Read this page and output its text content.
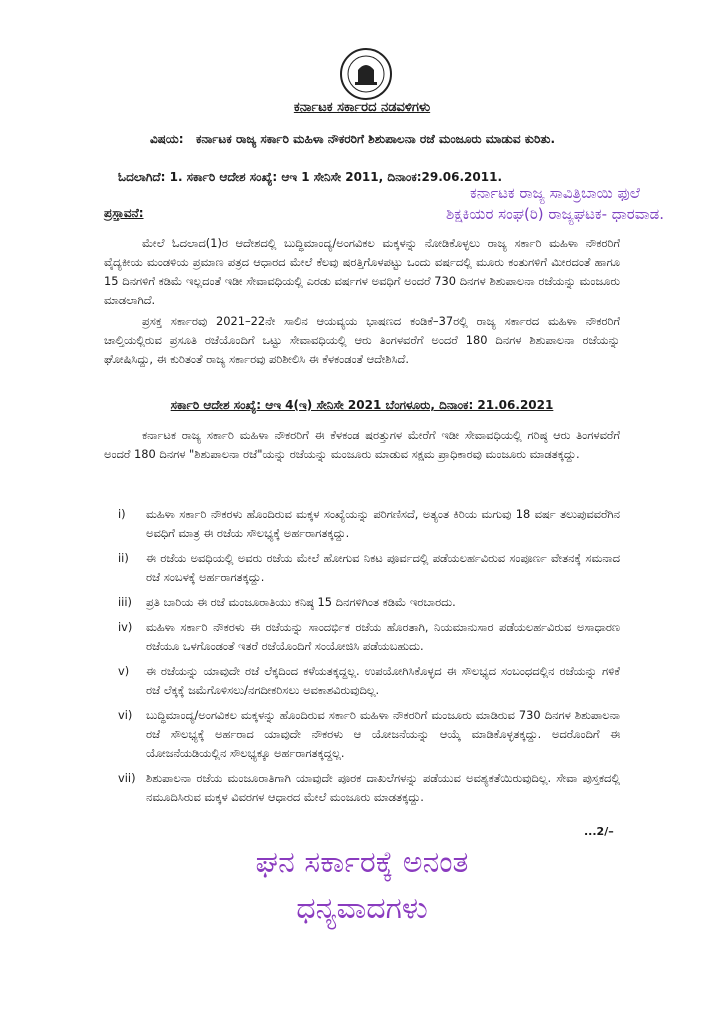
ಕರ್ನಾಟಕ ಸರ್ಕಾರದ ನಡವಳಿಗಳು
ವಿಷಯ: ಕರ್ನಾಟಕ ರಾಜ್ಯ ಸರ್ಕಾರಿ ಮಹಿಳಾ ನೌಕರರಿಗೆ ಶಿಶುಪಾಲನಾ ರಜೆ ಮಂಜೂರು ಮಾಡುವ ಕುರಿತು.
ಓದಲಾಗಿದೆ: 1. ಸರ್ಕಾರಿ ಆದೇಶ ಸಂಖ್ಯೆ: ಆಇ 1 ಸೇನಿಸೇ 2011, ದಿನಾಂಕ:29.06.2011.
ಕರ್ನಾಟಕ ರಾಜ್ಯ ಸಾವಿತ್ರಿಬಾಯಿ ಫುಲೆ
ಶಿಕ್ಷಕಿಯರ ಸಂಘ(ರಿ) ರಾಜ್ಯಘಟಕ- ಧಾರವಾಡ.
ಪ್ರಸ್ತಾವನೆ:
ಮೇಲೆ ಓದಲಾದ(1)ರ ಆದೇಶದಲ್ಲಿ ಬುದ್ಧಿಮಾಂದ್ಯ/ಅಂಗವಿಕಲ ಮಕ್ಕಳನ್ನು ನೋಡಿಕೊಳ್ಳಲು ರಾಜ್ಯ ಸರ್ಕಾರಿ ಮಹಿಳಾ ನೌಕರರಿಗೆ ವೈದ್ಯಕೀಯ ಮಂಡಳಿಯ ಪ್ರಮಾಣ ಪತ್ರದ ಆಧಾರದ ಮೇಲೆ ಕೆಲವು ಷರತ್ತಿಗೊಳಪಟ್ಟು ಒಂದು ವರ್ಷದಲ್ಲಿ ಮೂರು ಕಂತುಗಳಿಗೆ ಮೀರದಂತೆ ಹಾಗೂ 15 ದಿನಗಳಿಗೆ ಕಡಿಮೆ ಇಲ್ಲದಂತೆ ಇಡೀ ಸೇವಾವಧಿಯಲ್ಲಿ ಎರಡು ವರ್ಷಗಳ ಅವಧಿಗೆ ಅಂದರೆ 730 ದಿನಗಳ ಶಿಶುಪಾಲನಾ ರಜೆಯನ್ನು ಮಂಜೂರು ಮಾಡಲಾಗಿದೆ.
ಪ್ರಸಕ್ತ ಸರ್ಕಾರವು 2021–22ನೇ ಸಾಲಿನ ಆಯವ್ಯಯ ಭಾಷಣದ ಕಂಡಿಕೆ–37ರಲ್ಲಿ ರಾಜ್ಯ ಸರ್ಕಾರದ ಮಹಿಳಾ ನೌಕರರಿಗೆ ಚಾಲ್ತಿಯಲ್ಲಿರುವ ಪ್ರಸೂತಿ ರಜೆಯೊಂದಿಗೆ ಒಟ್ಟು ಸೇವಾವಧಿಯಲ್ಲಿ ಆರು ತಿಂಗಳವರೆಗೆ ಅಂದರೆ 180 ದಿನಗಳ ಶಿಶುಪಾಲನಾ ರಜೆಯನ್ನು ಘೋಷಿಸಿದ್ದು, ಈ ಕುರಿತಂತೆ ರಾಜ್ಯ ಸರ್ಕಾರವು ಪರಿಶೀಲಿಸಿ ಈ ಕೆಳಕಂಡಂತೆ ಆದೇಶಿಸಿದೆ.
ಸರ್ಕಾರಿ ಆದೇಶ ಸಂಖ್ಯೆ: ಆಇ 4(ಇ) ಸೇನಿಸೇ 2021 ಬೆಂಗಳೂರು, ದಿನಾಂಕ: 21.06.2021
ಕರ್ನಾಟಕ ರಾಜ್ಯ ಸರ್ಕಾರಿ ಮಹಿಳಾ ನೌಕರರಿಗೆ ಈ ಕೆಳಕಂಡ ಷರತ್ತುಗಳ ಮೇರೆಗೆ ಇಡೀ ಸೇವಾವಧಿಯಲ್ಲಿ ಗರಿಷ್ಠ ಆರು ತಿಂಗಳವರೆಗೆ ಅಂದರೆ 180 ದಿನಗಳ "ಶಿಶುಪಾಲನಾ ರಜೆ"ಯನ್ನು ರಜೆಯನ್ನು ಮಂಜೂರು ಮಾಡುವ ಸಕ್ಷಮ ಪ್ರಾಧಿಕಾರವು ಮಂಜೂರು ಮಾಡತಕ್ಕದ್ದು.
i)	ಮಹಿಳಾ ಸರ್ಕಾರಿ ನೌಕರಳು ಹೊಂದಿರುವ ಮಕ್ಕಳ ಸಂಖ್ಯೆಯನ್ನು ಪರಿಗಣಿಸದೆ, ಅತ್ಯಂತ ಕಿರಿಯ ಮಗುವು 18 ವರ್ಷ ತಲುಪುವವರೆಗಿನ ಅವಧಿಗೆ ಮಾತ್ರ ಈ ರಜೆಯ ಸೌಲಭ್ಯಕ್ಕೆ ಅರ್ಹರಾಗತಕ್ಕದ್ದು.
ii)	ಈ ರಜೆಯ ಅವಧಿಯಲ್ಲಿ ಅವರು ರಜೆಯ ಮೇಲೆ ಹೋಗುವ ನಿಕಟ ಪೂರ್ವದಲ್ಲಿ ಪಡೆಯಲರ್ಹವಿರುವ ಸಂಪೂರ್ಣ ವೇತನಕ್ಕೆ ಸಮನಾದ ರಜೆ ಸಂಬಳಕ್ಕೆ ಅರ್ಹರಾಗತಕ್ಕದ್ದು.
iii)	ಪ್ರತಿ ಬಾರಿಯ ಈ ರಜೆ ಮಂಜೂರಾತಿಯು ಕನಿಷ್ಠ 15 ದಿನಗಳಿಗಿಂತ ಕಡಿಮೆ ಇರಬಾರದು.
iv)	ಮಹಿಳಾ ಸರ್ಕಾರಿ ನೌಕರಳು ಈ ರಜೆಯನ್ನು ಸಾಂದರ್ಭಿಕ ರಜೆಯ ಹೊರತಾಗಿ, ನಿಯಮಾನುಸಾರ ಪಡೆಯಲರ್ಹವಿರುವ ಅಸಾಧಾರಣ ರಜೆಯೂ ಒಳಗೊಂಡಂತೆ ಇತರೆ ರಜೆಯೊಂದಿಗೆ ಸಂಯೋಜಿಸಿ ಪಡೆಯಬಹುದು.
v)	ಈ ರಜೆಯನ್ನು ಯಾವುದೇ ರಜೆ ಲೆಕ್ಕದಿಂದ ಕಳೆಯತಕ್ಕದ್ದಲ್ಲ. ಉಪಯೋಗಿಸಿಕೊಳ್ಳದ ಈ ಸೌಲಭ್ಯದ ಸಂಬಂಧದಲ್ಲಿನ ರಜೆಯನ್ನು ಗಳಿಕೆ ರಜೆ ಲೆಕ್ಕಕ್ಕೆ ಜಮೆಗೊಳಿಸಲು/ನಗದೀಕರಿಸಲು ಅವಕಾಶವಿರುವುದಿಲ್ಲ.
vi)	ಬುದ್ಧಿಮಾಂದ್ಯ/ಅಂಗವಿಕಲ ಮಕ್ಕಳನ್ನು ಹೊಂದಿರುವ ಸರ್ಕಾರಿ ಮಹಿಳಾ ನೌಕರರಿಗೆ ಮಂಜೂರು ಮಾಡಿರುವ 730 ದಿನಗಳ ಶಿಶುಪಾಲನಾ ರಜೆ ಸೌಲಭ್ಯಕ್ಕೆ ಅರ್ಹರಾದ ಯಾವುದೇ ನೌಕರಳು ಆ ಯೋಜನೆಯನ್ನು ಆಯ್ಕೆ ಮಾಡಿಕೊಳ್ಳತಕ್ಕದ್ದು. ಅದರೊಂದಿಗೆ ಈ ಯೋಜನೆಯಡಿಯಲ್ಲಿನ ಸೌಲಭ್ಯಕ್ಕೂ ಅರ್ಹರಾಗತಕ್ಕದ್ದಲ್ಲ.
vii) ಶಿಶುಪಾಲನಾ ರಜೆಯ ಮಂಜೂರಾತಿಗಾಗಿ ಯಾವುದೇ ಪೂರಕ ದಾಖಲೆಗಳನ್ನು ಪಡೆಯುವ ಅವಶ್ಯಕತೆಯಿರುವುದಿಲ್ಲ. ಸೇವಾ ಪುಸ್ತಕದಲ್ಲಿ ನಮೂದಿಸಿರುವ ಮಕ್ಕಳ ವಿವರಗಳ ಆಧಾರದ ಮೇಲೆ ಮಂಜೂರು ಮಾಡತಕ್ಕದ್ದು.
...2/–
ಘನ ಸರ್ಕಾರಕ್ಕೆ ಅನಂತ
ಧನ್ಯವಾದಗಳು
